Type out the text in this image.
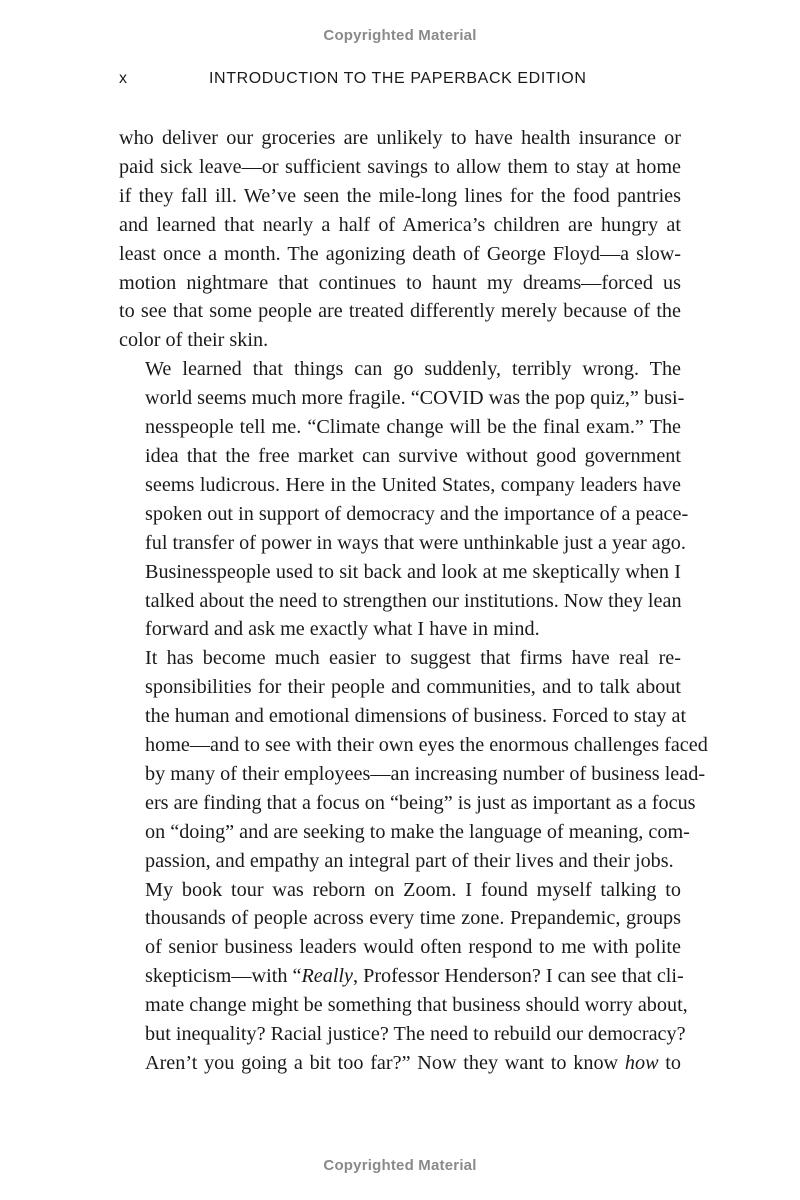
Copyrighted Material
x	INTRODUCTION TO THE PAPERBACK EDITION

who deliver our groceries are unlikely to have health insurance or
paid sick leave—or sufficient savings to allow them to stay at home
if they fall ill. We’ve seen the mile-long lines for the food pantries
and learned that nearly a half of America’s children are hungry at
least once a month. The agonizing death of George Floyd—a slow-
motion nightmare that continues to haunt my dreams—forced us
to see that some people are treated differently merely because of the
color of their skin.

We learned that things can go suddenly, terribly wrong. The
world seems much more fragile. “COVID was the pop quiz,” busi-
nesspeople tell me. “Climate change will be the final exam.” The
idea that the free market can survive without good government
seems ludicrous. Here in the United States, company leaders have
spoken out in support of democracy and the importance of a peace-
ful transfer of power in ways that were unthinkable just a year ago.
Businesspeople used to sit back and look at me skeptically when I
talked about the need to strengthen our institutions. Now they lean
forward and ask me exactly what I have in mind.

It has become much easier to suggest that firms have real re-
sponsibilities for their people and communities, and to talk about
the human and emotional dimensions of business. Forced to stay at
home—and to see with their own eyes the enormous challenges faced
by many of their employees—an increasing number of business lead-
ers are finding that a focus on “being” is just as important as a focus
on “doing” and are seeking to make the language of meaning, com-
passion, and empathy an integral part of their lives and their jobs.

My book tour was reborn on Zoom. I found myself talking to
thousands of people across every time zone. Prepandemic, groups
of senior business leaders would often respond to me with polite
skepticism—with “Really, Professor Henderson? I can see that cli-
mate change might be something that business should worry about,
but inequality? Racial justice? The need to rebuild our democracy?
Aren’t you going a bit too far?” Now they want to know how to

Copyrighted Material
